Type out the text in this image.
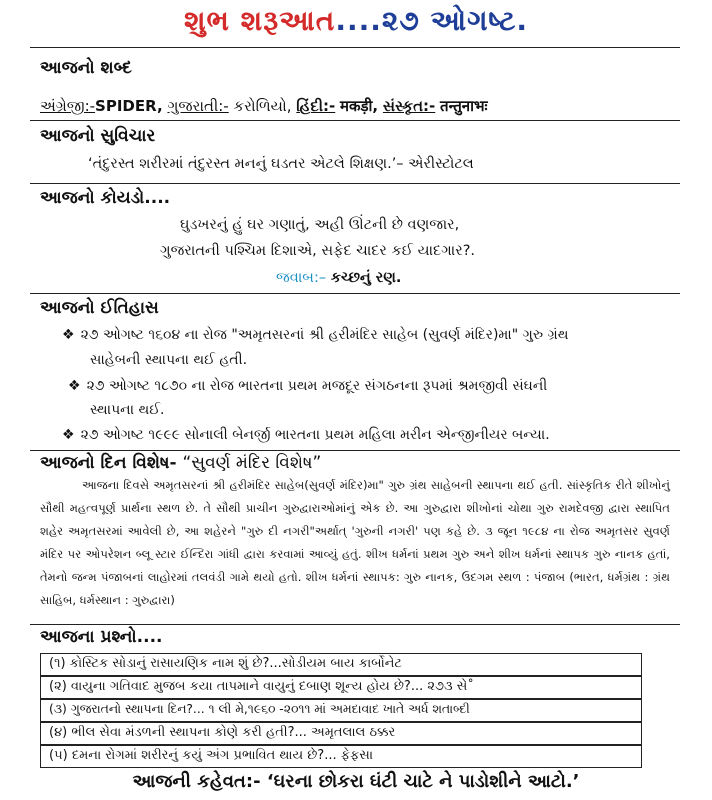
શુભ શરૂઆત....૨૭ ઓગષ્ટ.
આજનો શબ્દ
અંગ્રેજી:-SPIDER, ગુજરાતી:- કરોળિયો, હિંદી:- मकड़ी, સંસ્કૃત:- तन्तुनाभः
આજનો સુવિચાર
‘તંદુરસ્ત શરીરમાં તંદુરસ્ત મનનું ઘડતર એટલે શિક્ષણ.’– એરીસ્ટોટલ
આજનો કોયડો....
ઘુડખરનું હું ઘર ગણાતું, અહી ઊંટની છે વણજાર,
ગુજરાતની પશ્ચિમ દિશાએ, સફેદ ચાદર કઈ યાદગાર?.
જવાબ:– કચ્છનું રણ.
આજનો ઈતિહાસ
❖ ૨૭ ઓગષ્ટ ૧૬૦૪ ના રોજ "અમૃતસરનાં શ્રી હરીમંદિર સાહેબ (સુવર્ણ મંદિર)મા" ગુરુ ગ્રંથ
સાહેબની સ્થાપના થઈ હતી.
❖ ૨૭ ઓગષ્ટ ૧૮૭૦ ના રોજ ભારતના પ્રથમ મજદૂર સંગઠનના રૂપમાં શ્રમજીવી સંઘની
સ્થાપના થઈ.
❖ ૨૭ ઓગષ્ટ ૧૯૯૯ સોનાલી બેનર્જી ભારતના પ્રથમ મહિલા મરીન એન્જીનીયર બન્યા.
આજનો દિન વિશેષ- “સુવર્ણ મંદિર વિશેષ”
આજના દિવસે અમૃતસરનાં શ્રી હરીમંદિર સાહેબ(સુવર્ણ મંદિર)મા" ગુરુ ગ્રંથ સાહેબની સ્થાપના થઈ હતી. સાંસ્કૃતિક રીતે શીખોનું સૌથી મહત્વપૂર્ણ પ્રાર્થના સ્થળ છે. તે સૌથી પ્રાચીન ગુરુદ્વારાઓમાંનું એક છે. આ ગુરુદ્વારા શીખોનાં ચોથા ગુરુ રામદેવજી દ્વારા સ્થાપિત શહેર અમૃતસરમાં આવેલી છે, આ શહેરને "ગુરુ દી નગરી"અર્થાત્ 'ગુરુની નગરી' પણ કહે છે. ૩ જૂન ૧૯૮૪ ના રોજ અમૃતસર સુવર્ણ મંદિર પર ઓપરેશન બ્લૂ સ્ટાર ઈન્દિરા ગાંધી દ્વારા કરવામાં આવ્યું હતું. શીખ ધર્મનાં પ્રથમ ગુરુ અને શીખ ધર્મનાં સ્થાપક ગુરુ નાનક હતાં, તેમનો જન્મ પંજાબનાં લાહોરમાં તલવંડી ગામે થયો હતો. શીખ ધર્મનાં સ્થાપક: ગુરુ નાનક, ઉદગમ સ્થળ : પંજાબ (ભારત, ધર્મગ્રંથ : ગ્રંથ સાહિબ, ધર્મસ્થાન : ગુરુદ્વારા)
આજના પ્રશ્નો....
(૧) કોસ્ટિક સોડાનું રાસાયણિક નામ શું છે?...સોડીયમ બાય કાર્બોનેટ
(૨) વાયુના ગતિવાદ મુજબ કયા તાપમાને વાયુનું દબાણ શૂન્ય હોય છે?... ૨૭૩ સે˚
(૩) ગુજરાતનો સ્થાપના દિન?... ૧ લી મે,૧૯૬૦ -૨૦૧૧ માં અમદાવાદ ખાતે અર્ધ શતાબ્દી
(૪) ભીલ સેવા મંડળની સ્થાપના કોણે કરી હતી?... અમૃતલાલ ઠક્કર
(૫) દમના રોગમાં શરીરનું કયું અંગ પ્રભાવિત થાય છે?... ફેફસા
આજની કહેવત:- ‘ઘરના છોકરા ઘંટી ચાટે ને પાડોશીને આટો.’
